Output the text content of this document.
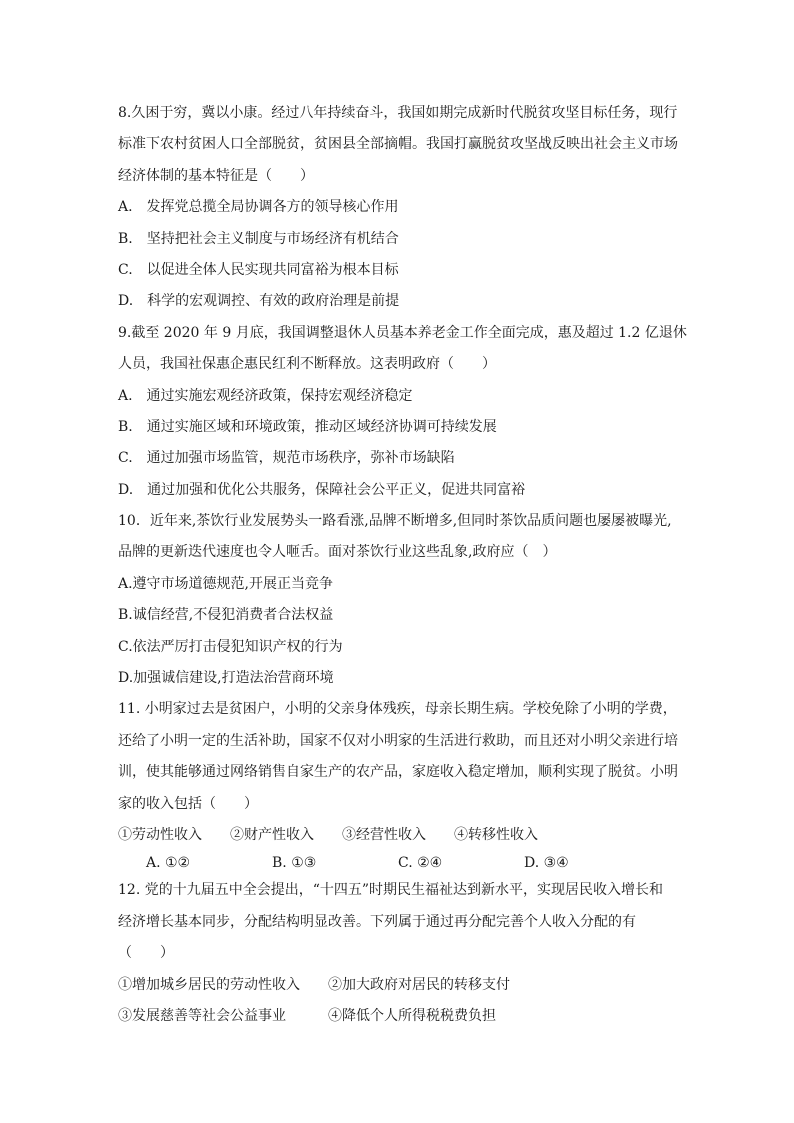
8.久困于穷，冀以小康。经过八年持续奋斗，我国如期完成新时代脱贫攻坚目标任务，现行
标准下农村贫困人口全部脱贫，贫困县全部摘帽。我国打赢脱贫攻坚战反映出社会主义市场
经济体制的基本特征是（　　）
A.　发挥党总揽全局协调各方的领导核心作用
B.　坚持把社会主义制度与市场经济有机结合
C.　以促进全体人民实现共同富裕为根本目标
D.　科学的宏观调控、有效的政府治理是前提
9.截至 2020 年 9 月底，我国调整退休人员基本养老金工作全面完成，惠及超过 1.2 亿退休
人员，我国社保惠企惠民红利不断释放。这表明政府（　　）
A.　通过实施宏观经济政策，保持宏观经济稳定
B.　通过实施区域和环境政策，推动区域经济协调可持续发展
C.　通过加强市场监管，规范市场秩序，弥补市场缺陷
D.　通过加强和优化公共服务，保障社会公平正义，促进共同富裕
10．近年来,茶饮行业发展势头一路看涨,品牌不断增多,但同时茶饮品质问题也屡屡被曝光,
品牌的更新迭代速度也令人咂舌。面对茶饮行业这些乱象,政府应（　）
A.遵守市场道德规范,开展正当竞争
B.诚信经营,不侵犯消费者合法权益
C.依法严厉打击侵犯知识产权的行为
D.加强诚信建设,打造法治营商环境
11. 小明家过去是贫困户，小明的父亲身体残疾，母亲长期生病。学校免除了小明的学费，
还给了小明一定的生活补助，国家不仅对小明家的生活进行救助，而且还对小明父亲进行培
训，使其能够通过网络销售自家生产的农产品，家庭收入稳定增加，顺利实现了脱贫。小明
家的收入包括（　　）
①劳动性收入　　②财产性收入　　③经营性收入　　④转移性收入
A. ①②	B. ①③	C. ②④	D. ③④
12. 党的十九届五中全会提出，“十四五”时期民生福祉达到新水平，实现居民收入增长和
经济增长基本同步，分配结构明显改善。下列属于通过再分配完善个人收入分配的有
（　　）
①增加城乡居民的劳动性收入　　②加大政府对居民的转移支付
③发展慈善等社会公益事业　　　④降低个人所得税税费负担
